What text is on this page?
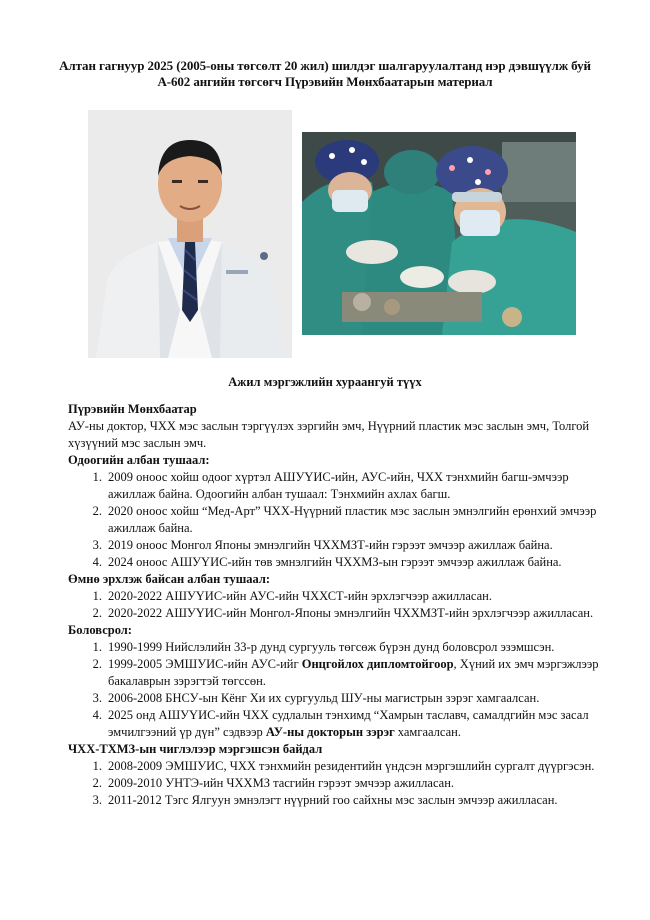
Алтан гагнуур 2025 (2005-оны төгсөлт 20 жил) шилдэг шалгаруулалтанд нэр дэвшүүлж буй
А-602 ангийн төгсөгч Пүрэвийн Мөнхбаатарын материал
Ажил мэргэжлийн хураангуй түүх

Пүрэвийн Мөнхбаатар

АУ-ны доктор, ЧХХ мэс заслын тэргүүлэх зэргийн эмч, Нүүрний пластик мэс заслын эмч, Толгой хүзүүний мэс заслын эмч.

Одоогийн албан тушаал:

1. 2009 оноос хойш одоог хүртэл АШУҮИС-ийн, АУС-ийн, ЧХХ тэнхмийн багш-эмчээр ажиллаж байна. Одоогийн албан тушаал: Тэнхмийн ахлах багш.
2. 2020 оноос хойш “Мед-Арт” ЧХХ-Нүүрний пластик мэс заслын эмнэлгийн ерөнхий эмчээр ажиллаж байна.
3. 2019 оноос Монгол Японы эмнэлгийн ЧХХМЗТ-ийн гэрээт эмчээр ажиллаж байна.
4. 2024 оноос АШУҮИС-ийн төв эмнэлгийн ЧХХМЗ-ын гэрээт эмчээр ажиллаж байна.

Өмнө эрхлэж байсан албан тушаал:

1. 2020-2022 АШУҮИС-ийн АУС-ийн ЧХХСТ-ийн эрхлэгчээр ажилласан.
2. 2020-2022 АШУҮИС-ийн Монгол-Японы эмнэлгийн ЧХХМЗТ-ийн эрхлэгчээр ажилласан.

Боловсрол:

1. 1990-1999 Нийслэлийн 33-р дунд сургууль төгсөж бүрэн дунд боловсрол эзэмшсэн.
2. 1999-2005 ЭМШУИС-ийн АУС-ийг Онцгойлох дипломтойгоор, Хүний их эмч мэргэжлээр бакалаврын зэрэгтэй төгссөн.
3. 2006-2008 БНСУ-ын Кёнг Хи их сургуульд ШУ-ны магистрын зэрэг хамгаалсан.
4. 2025 онд АШУҮИС-ийн ЧХХ судлалын тэнхимд “Хамрын таславч, самалдгийн мэс засал эмчилгээний үр дүн” сэдвээр АУ-ны докторын зэрэг хамгаалсан.

ЧХХ-ТХМЗ-ын чиглэлээр мэргэшсэн байдал

1. 2008-2009 ЭМШУИС, ЧХХ тэнхмийн резидентийн үндсэн мэргэшлийн сургалт дүүргэсэн.
2. 2009-2010 УНТЭ-ийн ЧХХМЗ тасгийн гэрээт эмчээр ажилласан.
3. 2011-2012 Тэгс Ялгуун эмнэлэгт нүүрний гоо сайхны мэс заслын эмчээр ажилласан.
